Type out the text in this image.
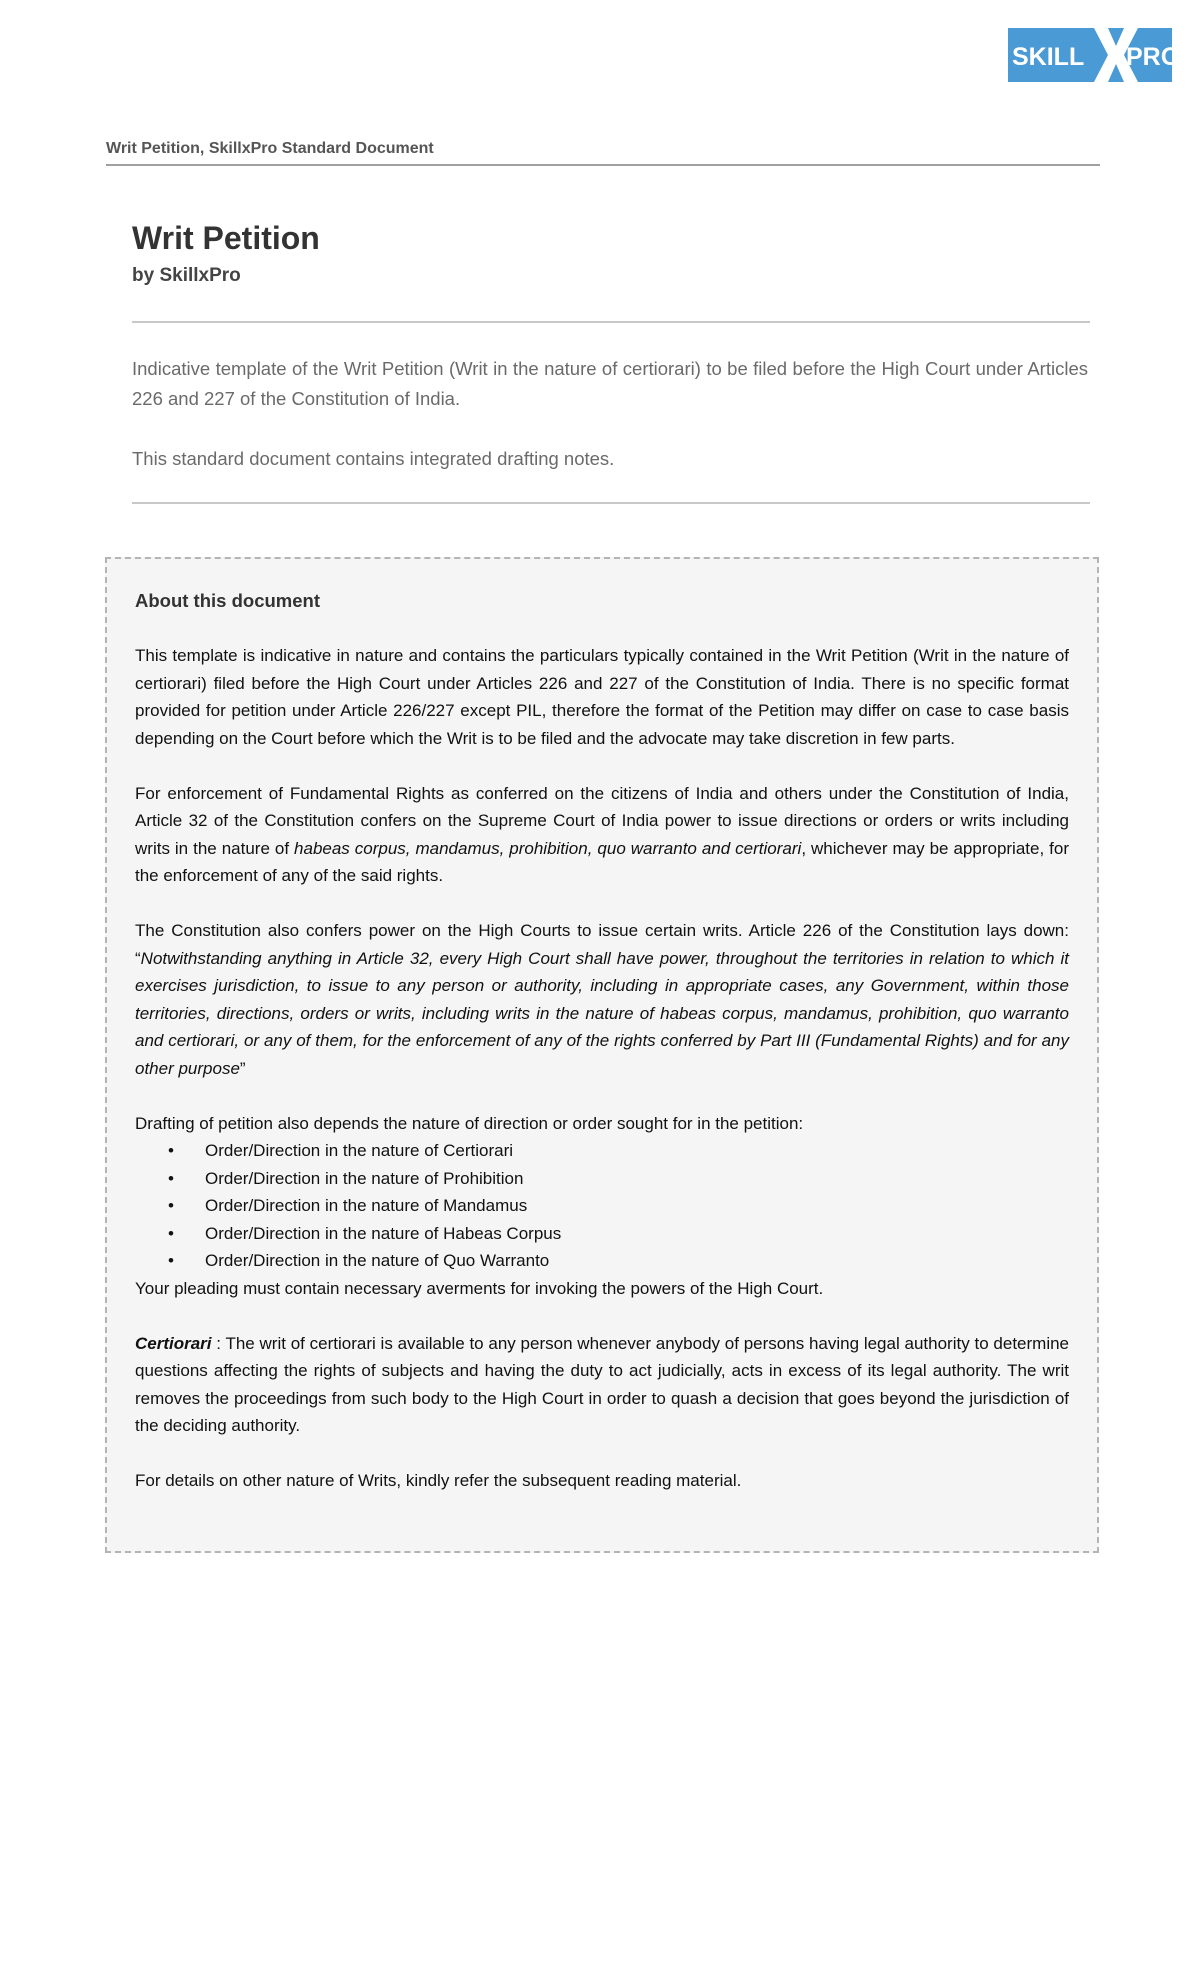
SKILL PRO
Writ Petition, SkillxPro Standard Document
Writ Petition
by SkillxPro

Indicative template of the Writ Petition (Writ in the nature of certiorari) to be filed before the High Court under Articles 226 and 227 of the Constitution of India.

This standard document contains integrated drafting notes.

About this document

This template is indicative in nature and contains the particulars typically contained in the Writ Petition (Writ in the nature of certiorari) filed before the High Court under Articles 226 and 227 of the Constitution of India. There is no specific format provided for petition under Article 226/227 except PIL, therefore the format of the Petition may differ on case to case basis depending on the Court before which the Writ is to be filed and the advocate may take discretion in few parts.

For enforcement of Fundamental Rights as conferred on the citizens of India and others under the Constitution of India, Article 32 of the Constitution confers on the Supreme Court of India power to issue directions or orders or writs including writs in the nature of habeas corpus, mandamus, prohibition, quo warranto and certiorari, whichever may be appropriate, for the enforcement of any of the said rights.

The Constitution also confers power on the High Courts to issue certain writs. Article 226 of the Constitution lays down: “Notwithstanding anything in Article 32, every High Court shall have power, throughout the territories in relation to which it exercises jurisdiction, to issue to any person or authority, including in appropriate cases, any Government, within those territories, directions, orders or writs, including writs in the nature of habeas corpus, mandamus, prohibition, quo warranto and certiorari, or any of them, for the enforcement of any of the rights conferred by Part III (Fundamental Rights) and for any other purpose”

Drafting of petition also depends the nature of direction or order sought for in the petition:

• Order/Direction in the nature of Certiorari
• Order/Direction in the nature of Prohibition
• Order/Direction in the nature of Mandamus
• Order/Direction in the nature of Habeas Corpus
• Order/Direction in the nature of Quo Warranto

Your pleading must contain necessary averments for invoking the powers of the High Court.

Certiorari : The writ of certiorari is available to any person whenever anybody of persons having legal authority to determine questions affecting the rights of subjects and having the duty to act judicially, acts in excess of its legal authority. The writ removes the proceedings from such body to the High Court in order to quash a decision that goes beyond the jurisdiction of the deciding authority.

For details on other nature of Writs, kindly refer the subsequent reading material.
